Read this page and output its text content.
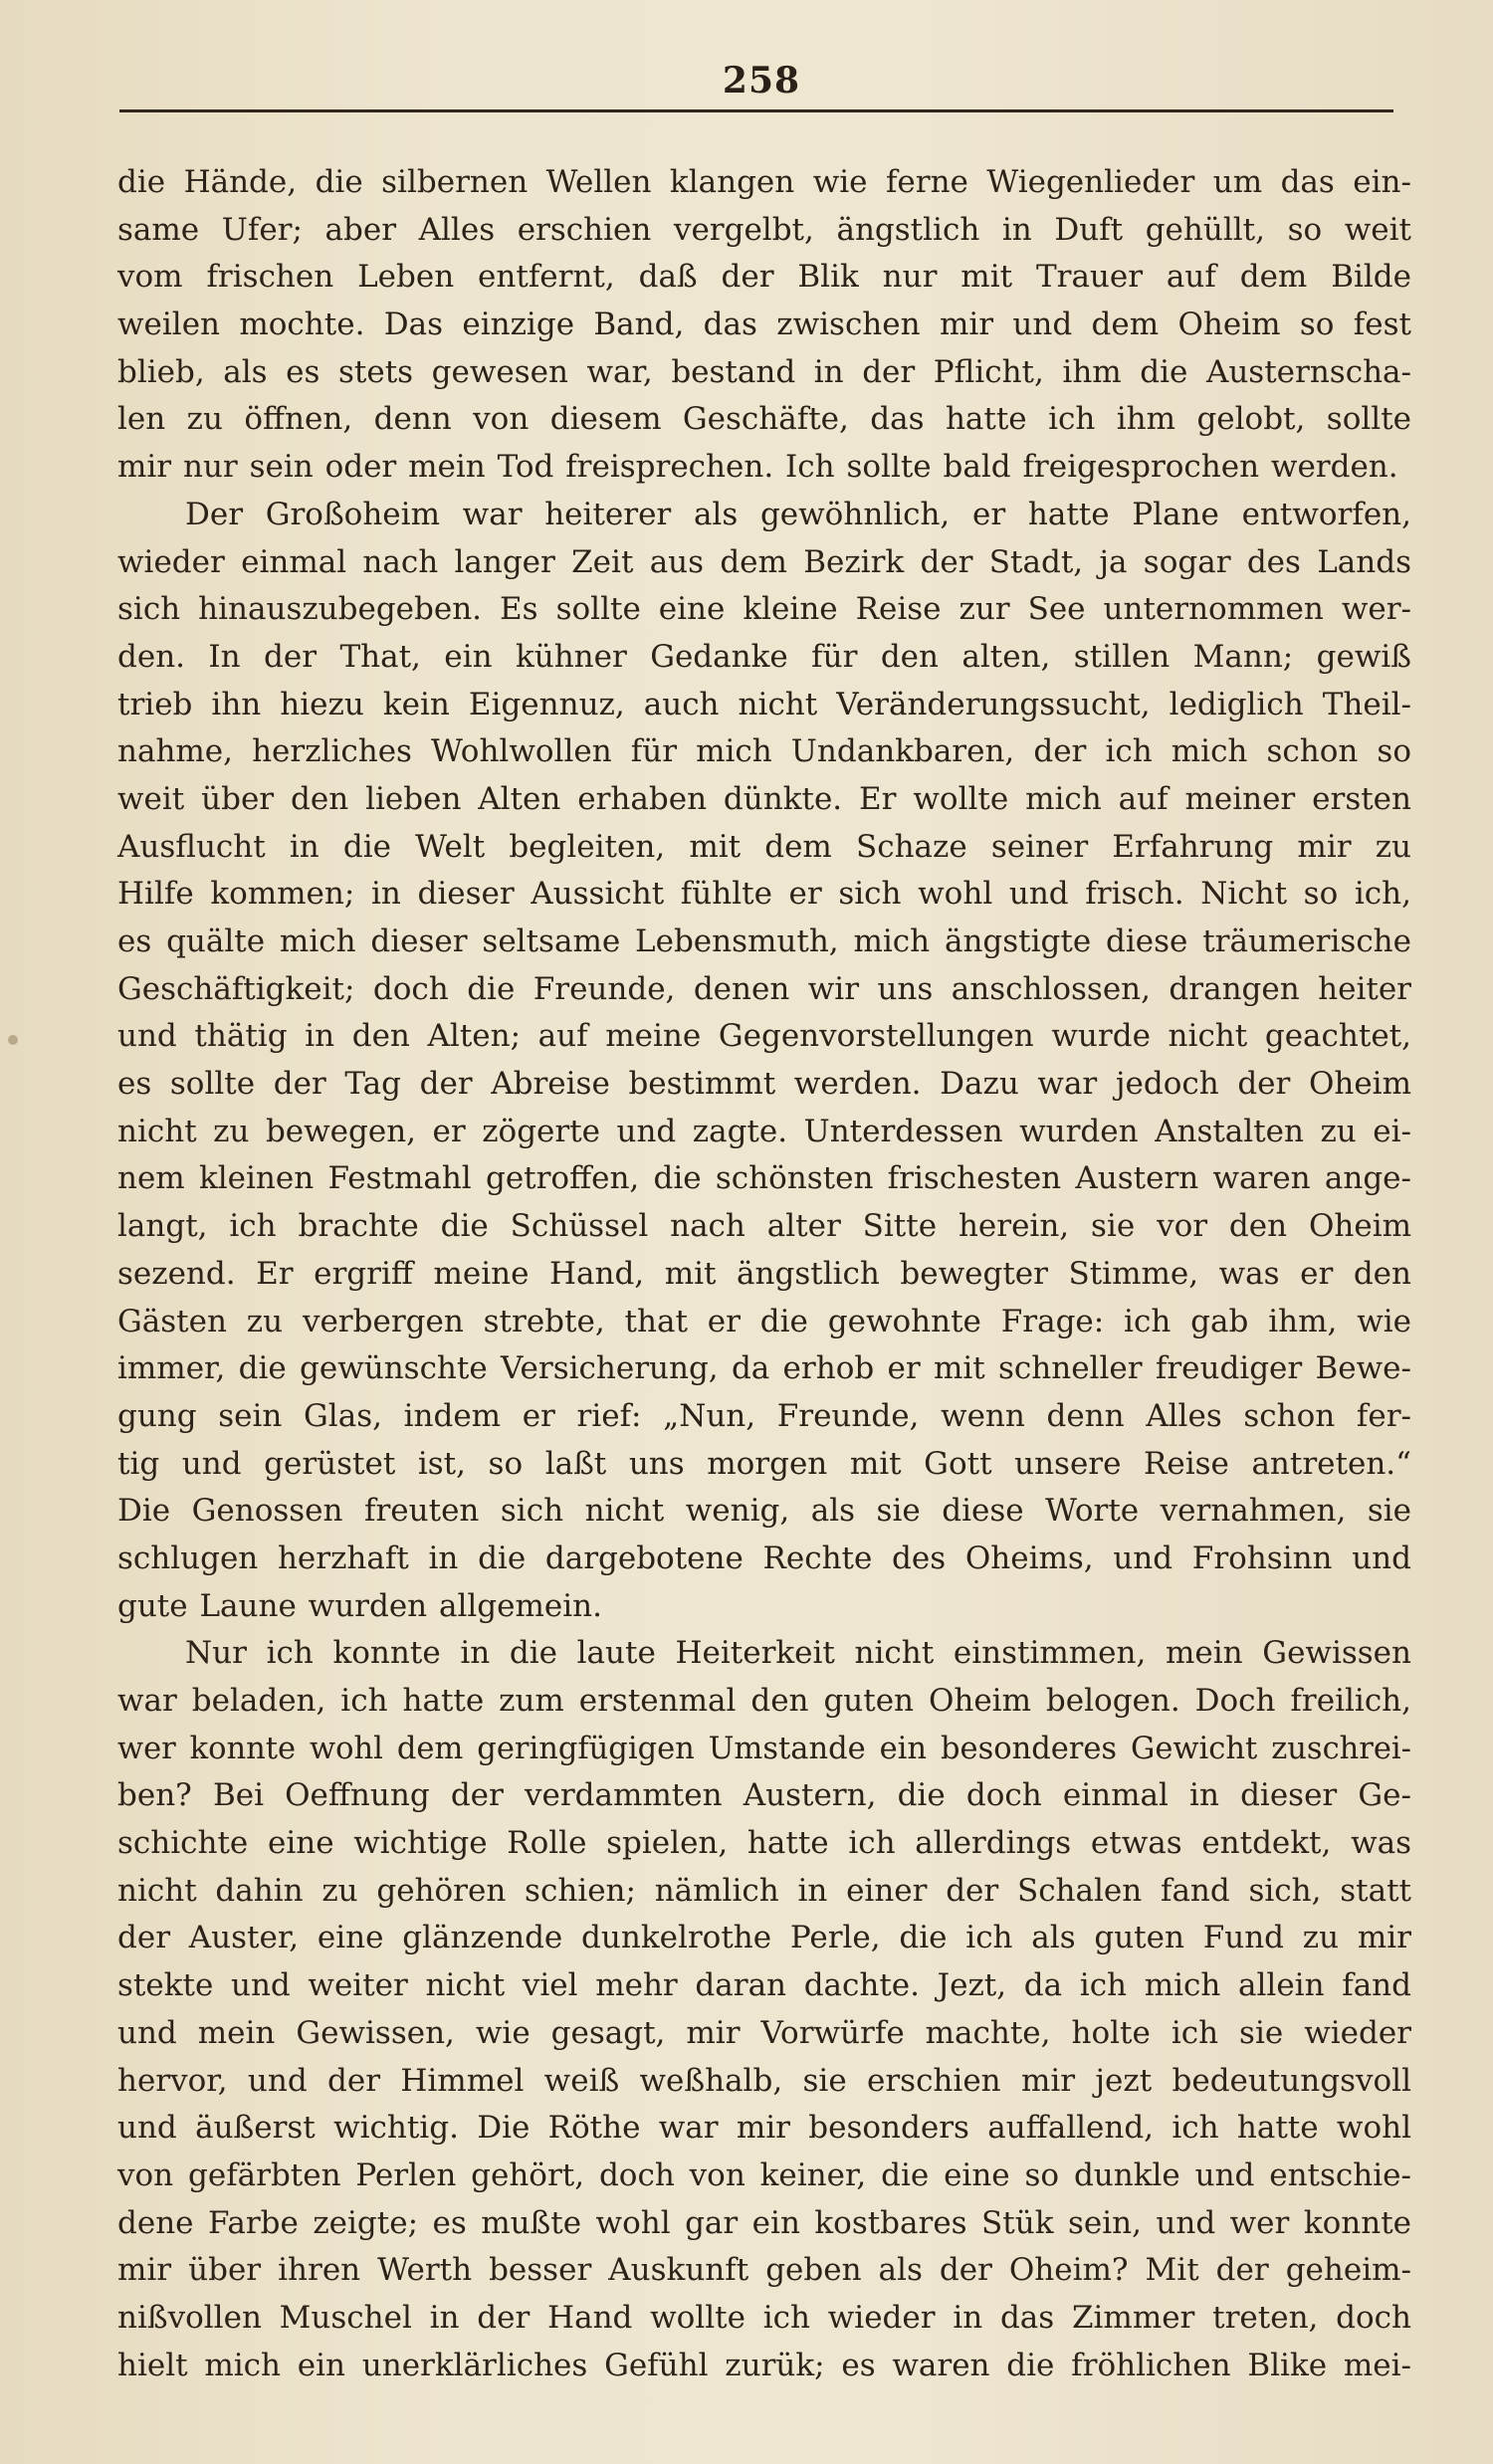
258
die Hände, die silbernen Wellen klangen wie ferne Wiegenlieder um das ein-
same Ufer; aber Alles erschien vergelbt, ängstlich in Duft gehüllt, so weit
vom frischen Leben entfernt, daß der Blik nur mit Trauer auf dem Bilde
weilen mochte. Das einzige Band, das zwischen mir und dem Oheim so fest
blieb, als es stets gewesen war, bestand in der Pflicht, ihm die Austernscha-
len zu öffnen, denn von diesem Geschäfte, das hatte ich ihm gelobt, sollte
mir nur sein oder mein Tod freisprechen. Ich sollte bald freigesprochen werden.
Der Großoheim war heiterer als gewöhnlich, er hatte Plane entworfen,
wieder einmal nach langer Zeit aus dem Bezirk der Stadt, ja sogar des Lands
sich hinauszubegeben. Es sollte eine kleine Reise zur See unternommen wer-
den. In der That, ein kühner Gedanke für den alten, stillen Mann; gewiß
trieb ihn hiezu kein Eigennuz, auch nicht Veränderungssucht, lediglich Theil-
nahme, herzliches Wohlwollen für mich Undankbaren, der ich mich schon so
weit über den lieben Alten erhaben dünkte. Er wollte mich auf meiner ersten
Ausflucht in die Welt begleiten, mit dem Schaze seiner Erfahrung mir zu
Hilfe kommen; in dieser Aussicht fühlte er sich wohl und frisch. Nicht so ich,
es quälte mich dieser seltsame Lebensmuth, mich ängstigte diese träumerische
Geschäftigkeit; doch die Freunde, denen wir uns anschlossen, drangen heiter
und thätig in den Alten; auf meine Gegenvorstellungen wurde nicht geachtet,
es sollte der Tag der Abreise bestimmt werden. Dazu war jedoch der Oheim
nicht zu bewegen, er zögerte und zagte. Unterdessen wurden Anstalten zu ei-
nem kleinen Festmahl getroffen, die schönsten frischesten Austern waren ange-
langt, ich brachte die Schüssel nach alter Sitte herein, sie vor den Oheim
sezend. Er ergriff meine Hand, mit ängstlich bewegter Stimme, was er den
Gästen zu verbergen strebte, that er die gewohnte Frage: ich gab ihm, wie
immer, die gewünschte Versicherung, da erhob er mit schneller freudiger Bewe-
gung sein Glas, indem er rief: „Nun, Freunde, wenn denn Alles schon fer-
tig und gerüstet ist, so laßt uns morgen mit Gott unsere Reise antreten.“
Die Genossen freuten sich nicht wenig, als sie diese Worte vernahmen, sie
schlugen herzhaft in die dargebotene Rechte des Oheims, und Frohsinn und
gute Laune wurden allgemein.
Nur ich konnte in die laute Heiterkeit nicht einstimmen, mein Gewissen
war beladen, ich hatte zum erstenmal den guten Oheim belogen. Doch freilich,
wer konnte wohl dem geringfügigen Umstande ein besonderes Gewicht zuschrei-
ben? Bei Oeffnung der verdammten Austern, die doch einmal in dieser Ge-
schichte eine wichtige Rolle spielen, hatte ich allerdings etwas entdekt, was
nicht dahin zu gehören schien; nämlich in einer der Schalen fand sich, statt
der Auster, eine glänzende dunkelrothe Perle, die ich als guten Fund zu mir
stekte und weiter nicht viel mehr daran dachte. Jezt, da ich mich allein fand
und mein Gewissen, wie gesagt, mir Vorwürfe machte, holte ich sie wieder
hervor, und der Himmel weiß weßhalb, sie erschien mir jezt bedeutungsvoll
und äußerst wichtig. Die Röthe war mir besonders auffallend, ich hatte wohl
von gefärbten Perlen gehört, doch von keiner, die eine so dunkle und entschie-
dene Farbe zeigte; es mußte wohl gar ein kostbares Stük sein, und wer konnte
mir über ihren Werth besser Auskunft geben als der Oheim? Mit der geheim-
nißvollen Muschel in der Hand wollte ich wieder in das Zimmer treten, doch
hielt mich ein unerklärliches Gefühl zurük; es waren die fröhlichen Blike mei-
